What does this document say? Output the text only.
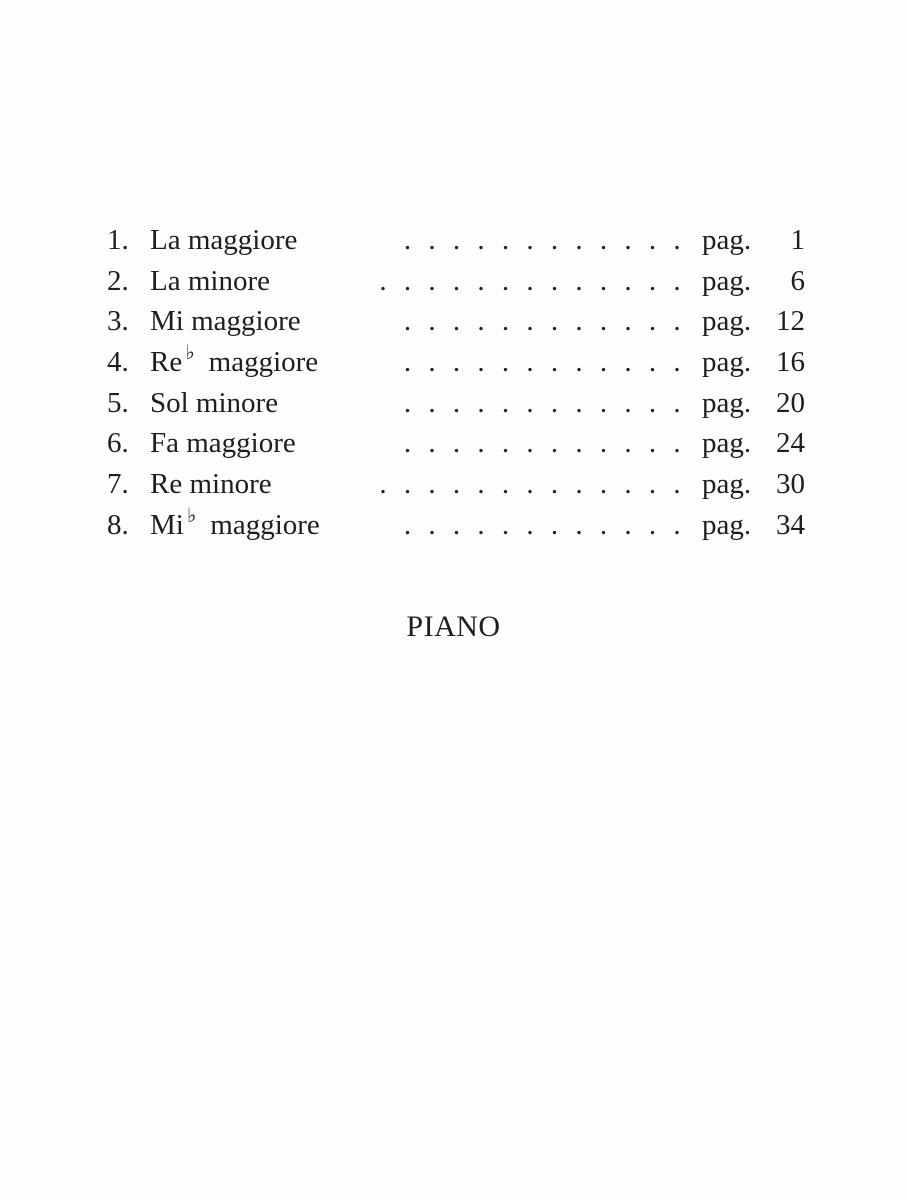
1. La maggiore	. . . . . . . . . . . . pag. 1
2. La minore	. . . . . . . . . . . . . pag. 6
3. Mi maggiore	. . . . . . . . . . . . pag. 12
4. Re ♭ maggiore	. . . . . . . . . . . . pag. 16
5. Sol minore	. . . . . . . . . . . . pag. 20
6. Fa maggiore	. . . . . . . . . . . . pag. 24
7. Re minore	. . . . . . . . . . . . . pag. 30
8. Mi ♭ maggiore	. . . . . . . . . . . . pag. 34
PIANO
